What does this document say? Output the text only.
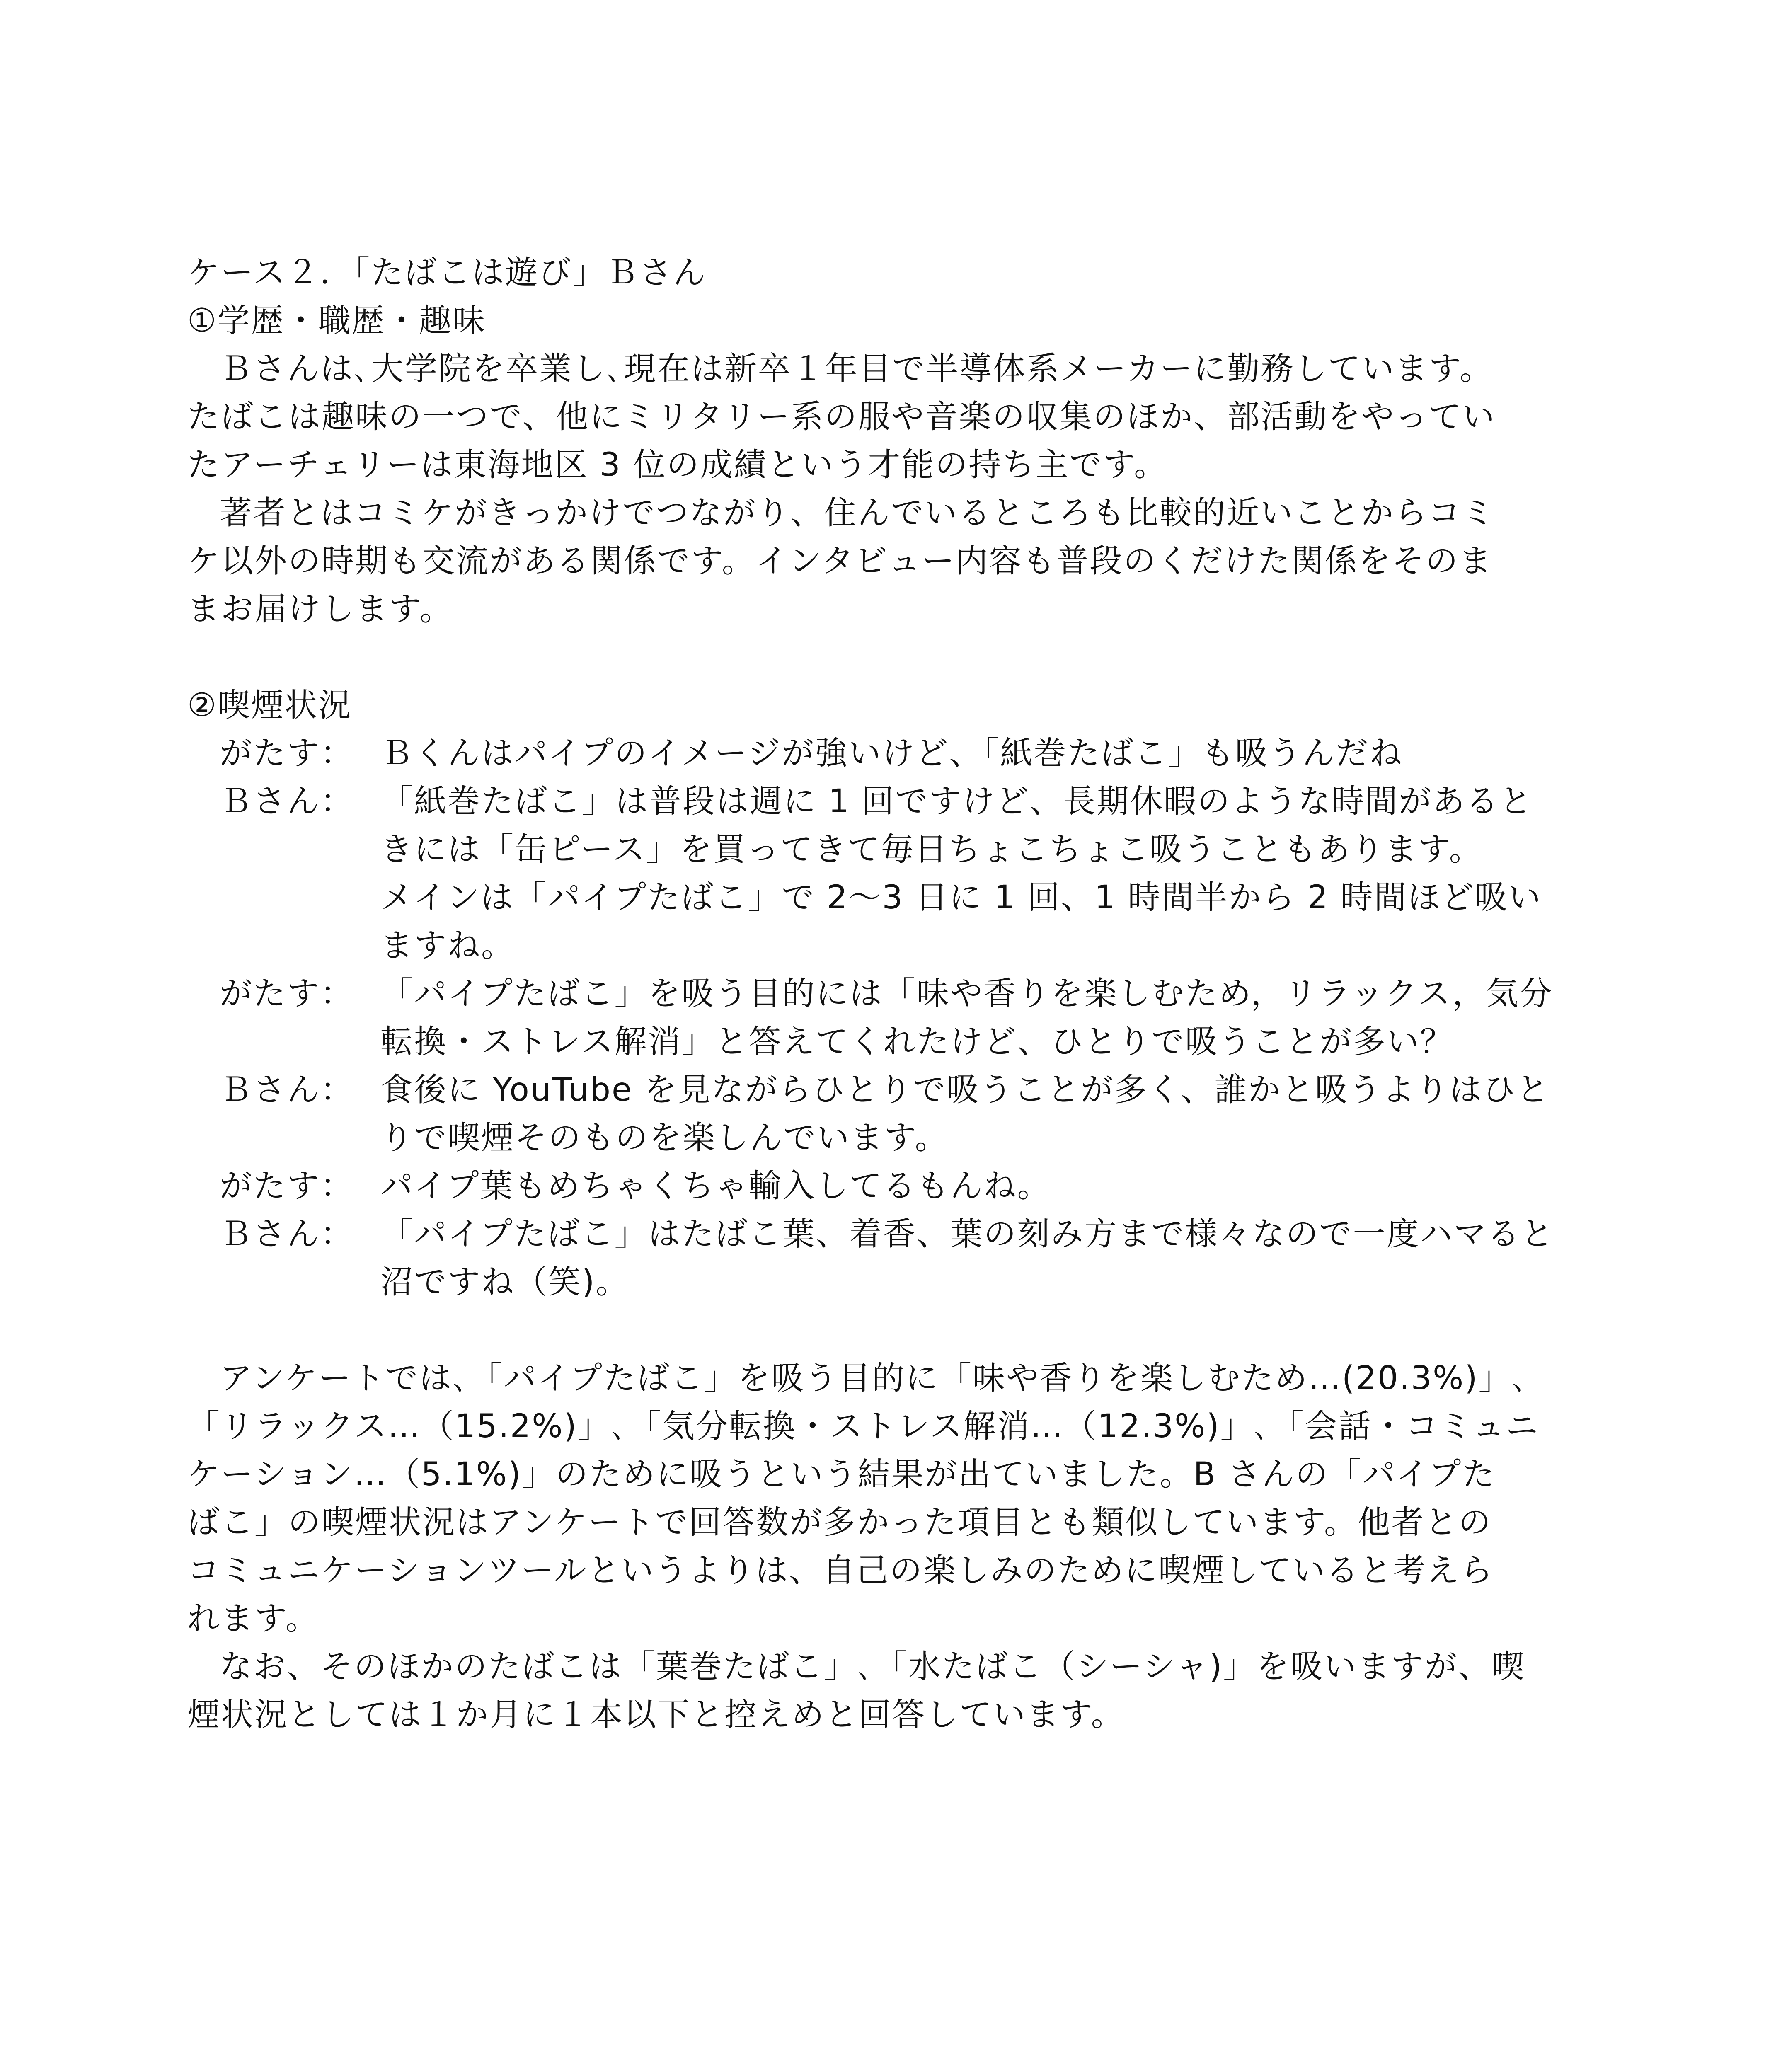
ケース２．「たばこは遊び」Ｂさん
①学歴・職歴・趣味
Ｂさんは､大学院を卒業し､現在は新卒１年目で半導体系メーカーに勤務しています。
たばこは趣味の一つで、他にミリタリー系の服や音楽の収集のほか、部活動をやってい
たアーチェリーは東海地区 3 位の成績という才能の持ち主です。
著者とはコミケがきっかけでつながり、住んでいるところも比較的近いことからコミ
ケ以外の時期も交流がある関係です。インタビュー内容も普段のくだけた関係をそのま
まお届けします。
②喫煙状況
がたす： Ｂくんはパイプのイメージが強いけど、「紙巻たばこ」も吸うんだね
Ｂさん： 「紙巻たばこ」は普段は週に 1 回ですけど、長期休暇のような時間があると
きには「缶ピース」を買ってきて毎日ちょこちょこ吸うこともあります。
メインは「パイプたばこ」で 2～3 日に 1 回、1 時間半から 2 時間ほど吸い
ますね。
がたす： 「パイプたばこ」を吸う目的には「味や香りを楽しむため，リラックス，気分
転換・ストレス解消」と答えてくれたけど、ひとりで吸うことが多い？
Ｂさん： 食後に YouTube を見ながらひとりで吸うことが多く、誰かと吸うよりはひと
りで喫煙そのものを楽しんでいます。
がたす： パイプ葉もめちゃくちゃ輸入してるもんね。
Ｂさん： 「パイプたばこ」はたばこ葉、着香、葉の刻み方まで様々なので一度ハマると
沼ですね（笑)。
アンケートでは､「パイプたばこ」を吸う目的に「味や香りを楽しむため…(20.3%)」､
「リラックス…（15.2%)」､「気分転換・ストレス解消…（12.3%)」､「会話・コミュニ
ケーション…（5.1%)」のために吸うという結果が出ていました。B さんの「パイプた
ばこ」の喫煙状況はアンケートで回答数が多かった項目とも類似しています。他者との
コミュニケーションツールというよりは、自己の楽しみのために喫煙していると考えら
れます。
なお、そのほかのたばこは「葉巻たばこ」､「水たばこ（シーシャ)」を吸いますが、喫
煙状況としては１か月に１本以下と控えめと回答しています。
